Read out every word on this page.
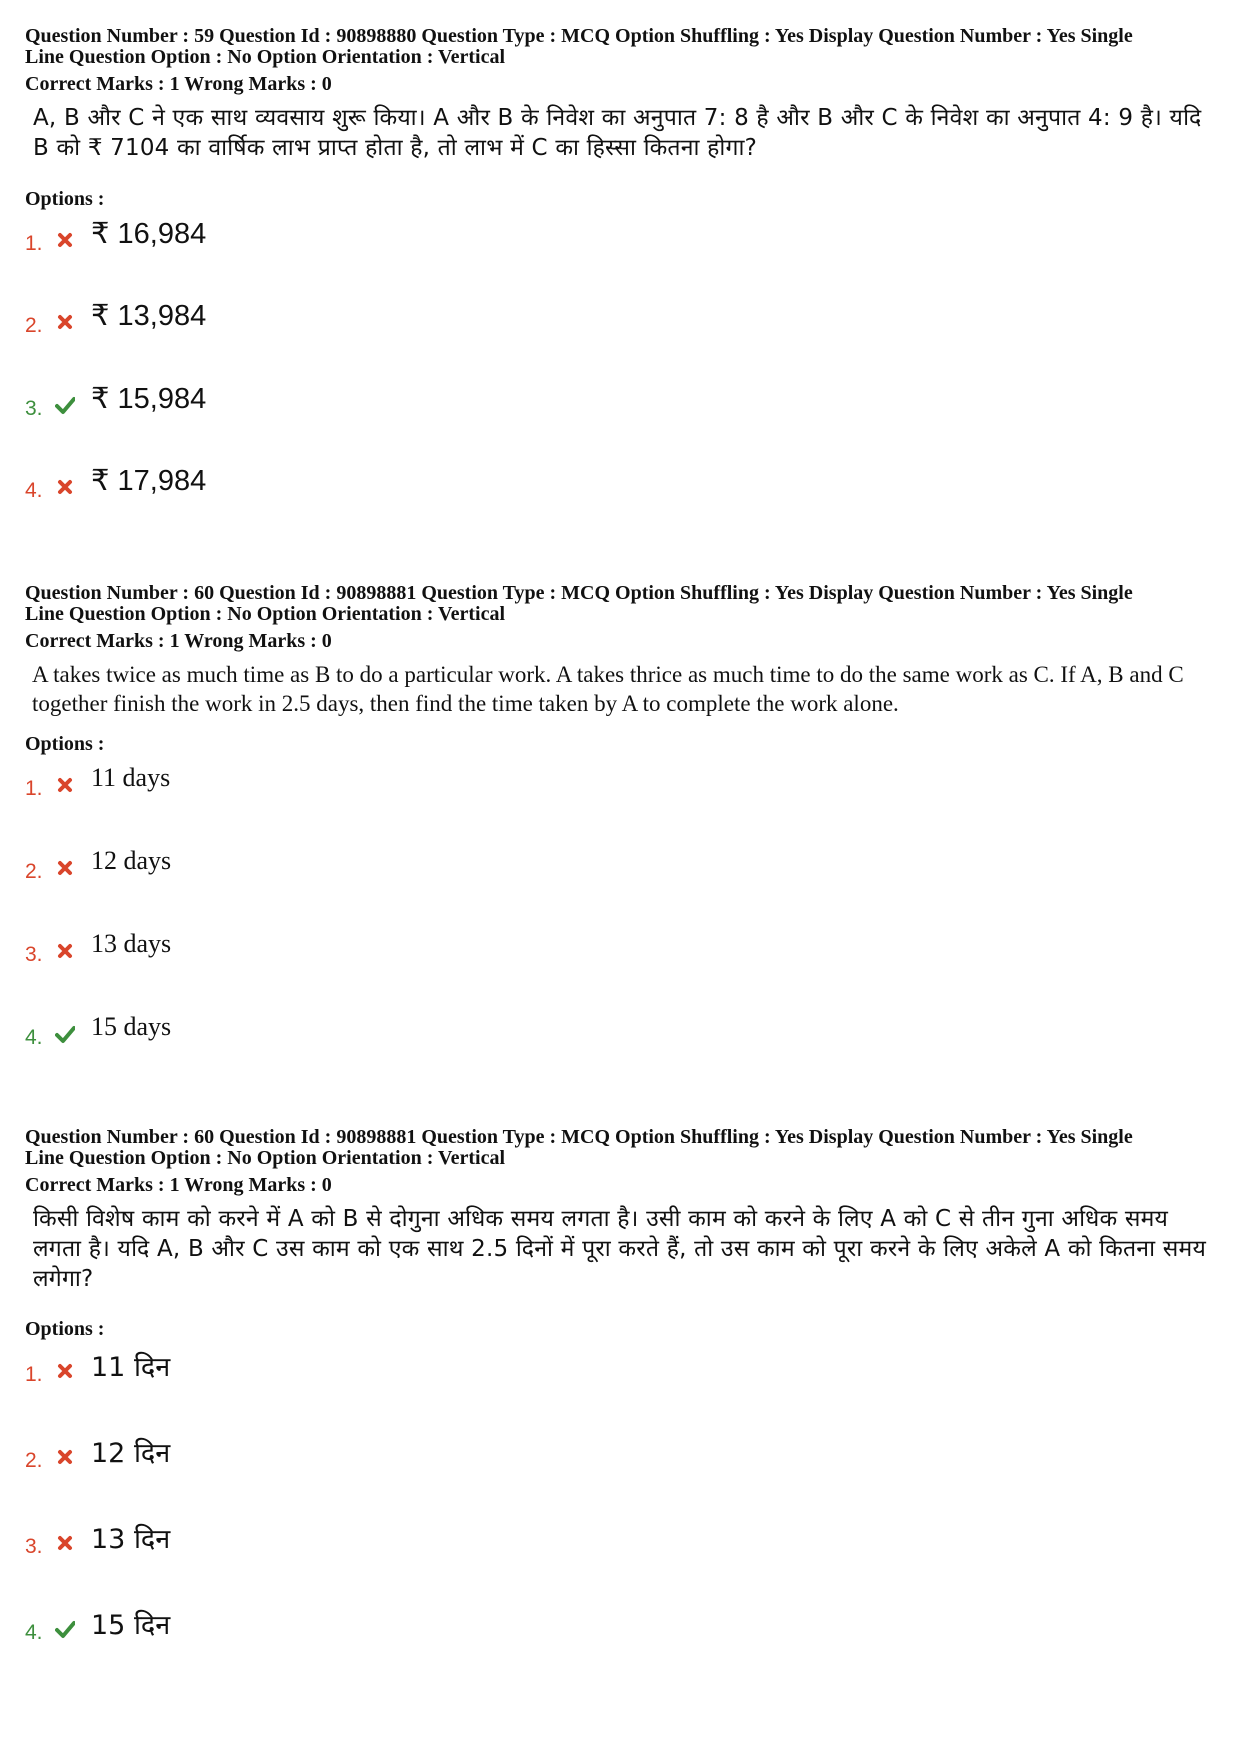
Question Number : 59 Question Id : 90898880 Question Type : MCQ Option Shuffling : Yes Display Question Number : Yes Single

Line Question Option : No Option Orientation : Vertical

Correct Marks : 1 Wrong Marks : 0

A, B और C ने एक साथ व्यवसाय शुरू किया। A और B के निवेश का अनुपात 7: 8 है और B और C के निवेश का अनुपात 4: 9 है। यदि B को ₹ 7104 का वार्षिक लाभ प्राप्त होता है, तो लाभ में C का हिस्सा कितना होगा?

Options :

1. ₹ 16,984
2. ₹ 13,984
3. ₹ 15,984
4. ₹ 17,984

Question Number : 60 Question Id : 90898881 Question Type : MCQ Option Shuffling : Yes Display Question Number : Yes Single

Line Question Option : No Option Orientation : Vertical

Correct Marks : 1 Wrong Marks : 0

A takes twice as much time as B to do a particular work. A takes thrice as much time to do the same work as C. If A, B and C together finish the work in 2.5 days, then find the time taken by A to complete the work alone.

Options :

1. 11 days
2. 12 days
3. 13 days
4. 15 days

Question Number : 60 Question Id : 90898881 Question Type : MCQ Option Shuffling : Yes Display Question Number : Yes Single

Line Question Option : No Option Orientation : Vertical

Correct Marks : 1 Wrong Marks : 0

किसी विशेष काम को करने में A को B से दोगुना अधिक समय लगता है। उसी काम को करने के लिए A को C से तीन गुना अधिक समय लगता है। यदि A, B और C उस काम को एक साथ 2.5 दिनों में पूरा करते हैं, तो उस काम को पूरा करने के लिए अकेले A को कितना समय लगेगा?

Options :

1. 11 दिन
2. 12 दिन
3. 13 दिन
4. 15 दिन
